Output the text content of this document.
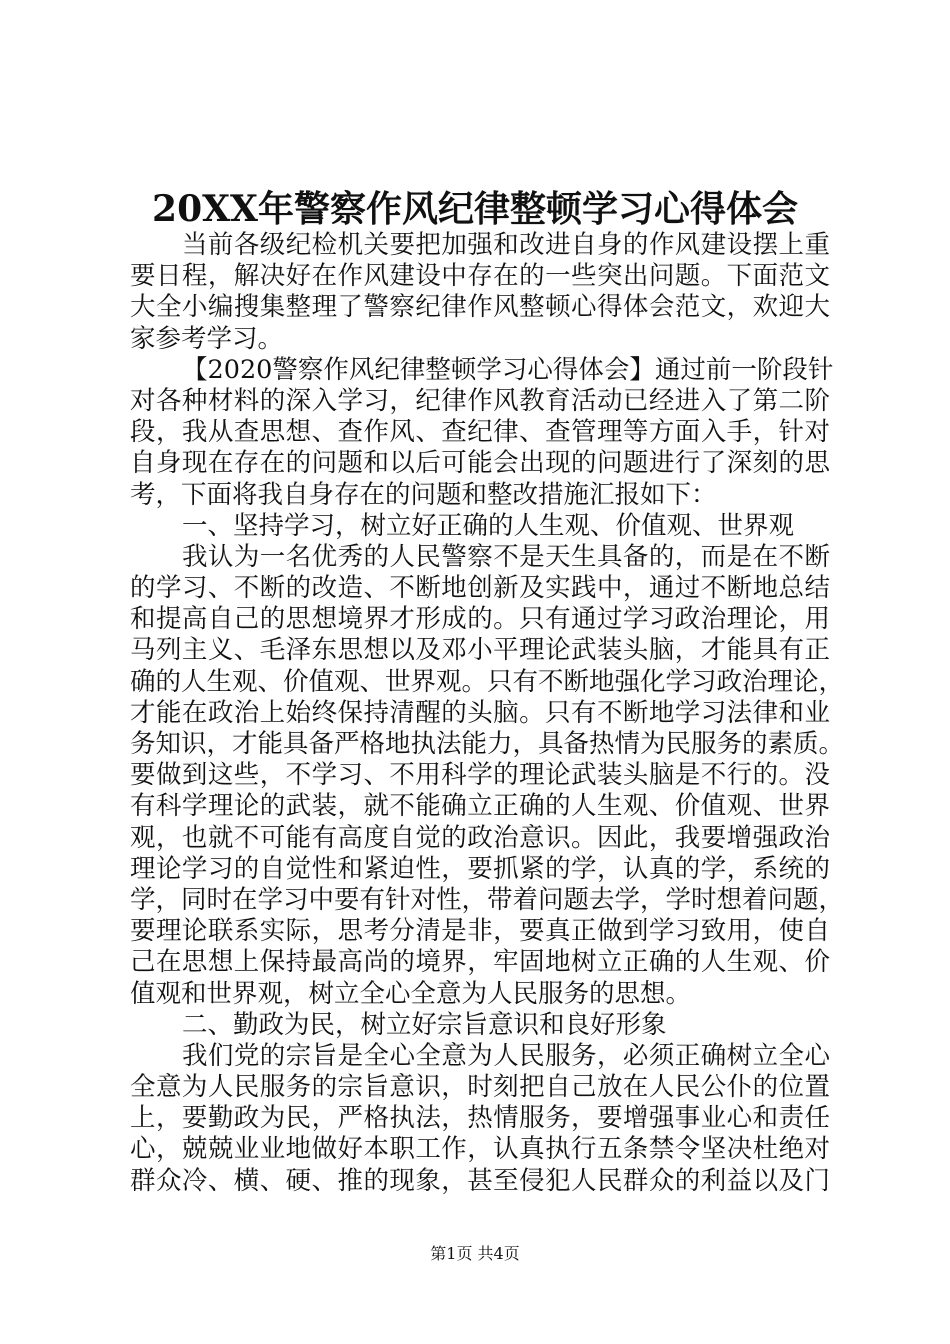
20XX年警察作风纪律整顿学习心得体会
当前各级纪检机关要把加强和改进自身的作风建设摆上重
要日程，解决好在作风建设中存在的一些突出问题。下面范文
大全小编搜集整理了警察纪律作风整顿心得体会范文，欢迎大
家参考学习。
【2020警察作风纪律整顿学习心得体会】通过前一阶段针
对各种材料的深入学习，纪律作风教育活动已经进入了第二阶
段，我从查思想、查作风、查纪律、查管理等方面入手，针对
自身现在存在的问题和以后可能会出现的问题进行了深刻的思
考，下面将我自身存在的问题和整改措施汇报如下：
一、坚持学习，树立好正确的人生观、价值观、世界观
我认为一名优秀的人民警察不是天生具备的，而是在不断
的学习、不断的改造、不断地创新及实践中，通过不断地总结
和提高自己的思想境界才形成的。只有通过学习政治理论，用
马列主义、毛泽东思想以及邓小平理论武装头脑，才能具有正
确的人生观、价值观、世界观。只有不断地强化学习政治理论，
才能在政治上始终保持清醒的头脑。只有不断地学习法律和业
务知识，才能具备严格地执法能力，具备热情为民服务的素质。
要做到这些，不学习、不用科学的理论武装头脑是不行的。没
有科学理论的武装，就不能确立正确的人生观、价值观、世界
观，也就不可能有高度自觉的政治意识。因此，我要增强政治
理论学习的自觉性和紧迫性，要抓紧的学，认真的学，系统的
学，同时在学习中要有针对性，带着问题去学，学时想着问题，
要理论联系实际，思考分清是非，要真正做到学习致用，使自
己在思想上保持最高尚的境界，牢固地树立正确的人生观、价
值观和世界观，树立全心全意为人民服务的思想。
二、勤政为民，树立好宗旨意识和良好形象
我们党的宗旨是全心全意为人民服务，必须正确树立全心
全意为人民服务的宗旨意识，时刻把自己放在人民公仆的位置
上，要勤政为民，严格执法，热情服务，要增强事业心和责任
心，兢兢业业地做好本职工作，认真执行五条禁令坚决杜绝对
群众冷、横、硬、推的现象，甚至侵犯人民群众的利益以及门
第1页 共4页
